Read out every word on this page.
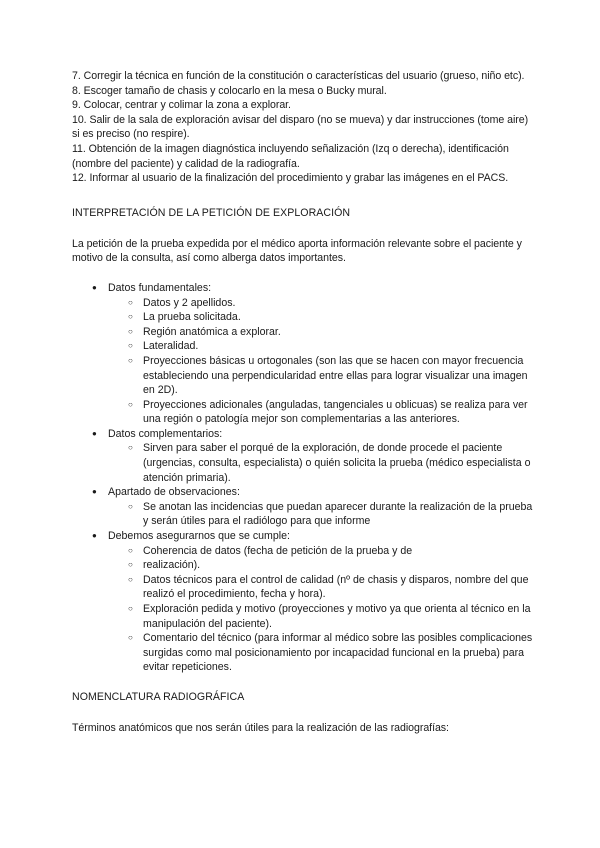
7. Corregir la técnica en función de la constitución o características del usuario (grueso, niño etc).
8. Escoger tamaño de chasis y colocarlo en la mesa o Bucky mural.
9. Colocar, centrar y colimar la zona a explorar.
10. Salir de la sala de exploración avisar del disparo (no se mueva) y dar instrucciones (tome aire) si es preciso (no respire).
11. Obtención de la imagen diagnóstica incluyendo señalización (Izq o derecha), identificación (nombre del paciente) y calidad de la radiografía.
12. Informar al usuario de la finalización del procedimiento y grabar las imágenes en el PACS.
INTERPRETACIÓN DE LA PETICIÓN DE EXPLORACIÓN

La petición de la prueba expedida por el médico aporta información relevante sobre el paciente y motivo de la consulta, así como alberga datos importantes.

● Datos fundamentales:
○ Datos y 2 apellidos.
○ La prueba solicitada.
○ Región anatómica a explorar.
○ Lateralidad.
○ Proyecciones básicas u ortogonales (son las que se hacen con mayor frecuencia estableciendo una perpendicularidad entre ellas para lograr visualizar una imagen en 2D).
○ Proyecciones adicionales (anguladas, tangenciales u oblicuas) se realiza para ver una región o patología mejor son complementarias a las anteriores.
● Datos complementarios:
○ Sirven para saber el porqué de la exploración, de donde procede el paciente (urgencias, consulta, especialista) o quién solicita la prueba (médico especialista o atención primaria).
● Apartado de observaciones:
○ Se anotan las incidencias que puedan aparecer durante la realización de la prueba y serán útiles para el radiólogo para que informe
● Debemos asegurarnos que se cumple:
○ Coherencia de datos (fecha de petición de la prueba y de
○ realización).
○ Datos técnicos para el control de calidad (nº de chasis y disparos, nombre del que realizó el procedimiento, fecha y hora).
○ Exploración pedida y motivo (proyecciones y motivo ya que orienta al técnico en la manipulación del paciente).
○ Comentario del técnico (para informar al médico sobre las posibles complicaciones surgidas como mal posicionamiento por incapacidad funcional en la prueba) para evitar repeticiones.
NOMENCLATURA RADIOGRÁFICA

Términos anatómicos que nos serán útiles para la realización de las radiografías:
